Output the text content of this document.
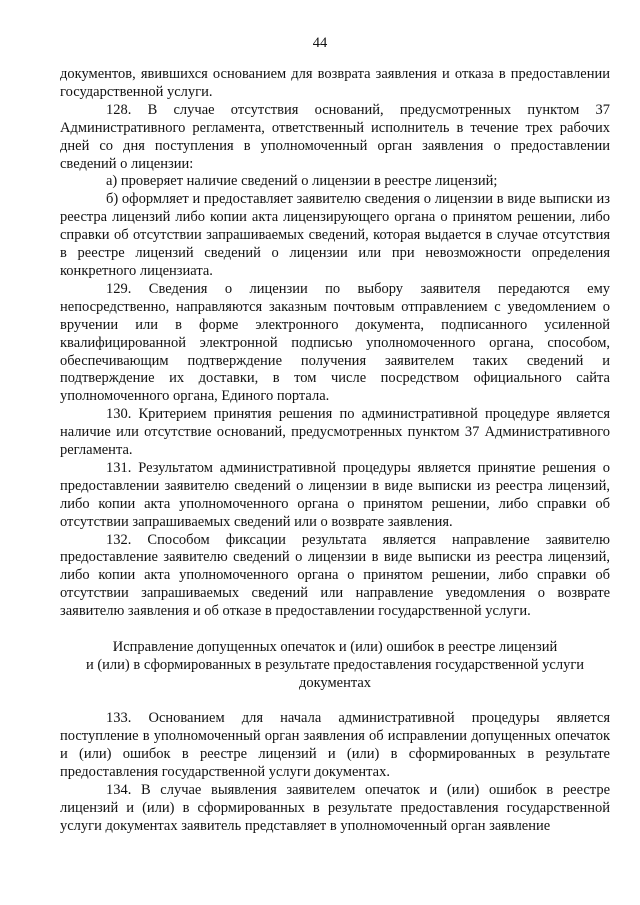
44

документов, явившихся основанием для возврата заявления и отказа в предоставлении государственной услуги.

128. В случае отсутствия оснований, предусмотренных пунктом 37 Административного регламента, ответственный исполнитель в течение трех рабочих дней со дня поступления в уполномоченный орган заявления о предоставлении сведений о лицензии:

а) проверяет наличие сведений о лицензии в реестре лицензий;

б) оформляет и предоставляет заявителю сведения о лицензии в виде выписки из реестра лицензий либо копии акта лицензирующего органа о принятом решении, либо справки об отсутствии запрашиваемых сведений, которая выдается в случае отсутствия в реестре лицензий сведений о лицензии или при невозможности определения конкретного лицензиата.

129. Сведения о лицензии по выбору заявителя передаются ему непосредственно, направляются заказным почтовым отправлением с уведомлением о вручении или в форме электронного документа, подписанного усиленной квалифицированной электронной подписью уполномоченного органа, способом, обеспечивающим подтверждение получения заявителем таких сведений и подтверждение их доставки, в том числе посредством официального сайта уполномоченного органа, Единого портала.

130. Критерием принятия решения по административной процедуре является наличие или отсутствие оснований, предусмотренных пунктом 37 Административного регламента.

131. Результатом административной процедуры является принятие решения о предоставлении заявителю сведений о лицензии в виде выписки из реестра лицензий, либо копии акта уполномоченного органа о принятом решении, либо справки об отсутствии запрашиваемых сведений или о возврате заявления.

132. Способом фиксации результата является направление заявителю предоставление заявителю сведений о лицензии в виде выписки из реестра лицензий, либо копии акта уполномоченного органа о принятом решении, либо справки об отсутствии запрашиваемых сведений или направление уведомления о возврате заявителю заявления и об отказе в предоставлении государственной услуги.

Исправление допущенных опечаток и (или) ошибок в реестре лицензий
и (или) в сформированных в результате предоставления государственной услуги
документах

133. Основанием для начала административной процедуры является поступление в уполномоченный орган заявления об исправлении допущенных опечаток и (или) ошибок в реестре лицензий и (или) в сформированных в результате предоставления государственной услуги документах.

134. В случае выявления заявителем опечаток и (или) ошибок в реестре лицензий и (или) в сформированных в результате предоставления государственной услуги документах заявитель представляет в уполномоченный орган заявление
